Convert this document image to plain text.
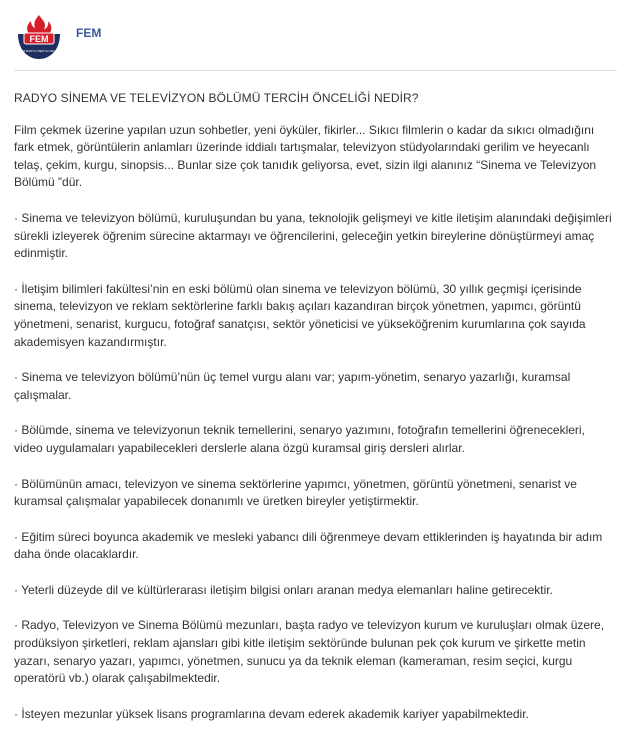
FEM
FM RADYO MEDYA GRUP
FEM
RADYO SİNEMA VE TELEVİZYON BÖLÜMÜ TERCİH ÖNCELİĞİ NEDİR?

Film çekmek üzerine yapılan uzun sohbetler, yeni öyküler, fikirler... Sıkıcı filmlerin o kadar da sıkıcı olmadığını fark etmek, görüntülerin anlamları üzerinde iddialı tartışmalar, televizyon stüdyolarındaki gerilim ve heyecanlı telaş, çekim, kurgu, sinopsis... Bunlar size çok tanıdık geliyorsa, evet, sizin ilgi alanınız “Sinema ve Televizyon Bölümü ”dür.

· Sinema ve televizyon bölümü, kuruluşundan bu yana, teknolojik gelişmeyi ve kitle iletişim alanındaki değişimleri sürekli izleyerek öğrenim sürecine aktarmayı ve öğrencilerini, geleceğin yetkin bireylerine dönüştürmeyi amaç edinmiştir.

· İletişim bilimleri fakültesi’nin en eski bölümü olan sinema ve televizyon bölümü, 30 yıllık geçmişi içerisinde sinema, televizyon ve reklam sektörlerine farklı bakış açıları kazandıran birçok yönetmen, yapımcı, görüntü yönetmeni, senarist, kurgucu, fotoğraf sanatçısı, sektör yöneticisi ve yükseköğrenim kurumlarına çok sayıda akademisyen kazandırmıştır.

· Sinema ve televizyon bölümü’nün üç temel vurgu alanı var; yapım-yönetim, senaryo yazarlığı, kuramsal çalışmalar.

· Bölümde, sinema ve televizyonun teknik temellerini, senaryo yazımını, fotoğrafın temellerini öğrenecekleri, video uygulamaları yapabilecekleri derslerle alana özgü kuramsal giriş dersleri alırlar.

· Bölümünün amacı, televizyon ve sinema sektörlerine yapımcı, yönetmen, görüntü yönetmeni, senarist ve kuramsal çalışmalar yapabilecek donanımlı ve üretken bireyler yetiştirmektir.

· Eğitim süreci boyunca akademik ve mesleki yabancı dili öğrenmeye devam ettiklerinden iş hayatında bir adım daha önde olacaklardır.

· Yeterli düzeyde dil ve kültürlerarası iletişim bilgisi onları aranan medya elemanları haline getirecektir.

· Radyo, Televizyon ve Sinema Bölümü mezunları, başta radyo ve televizyon kurum ve kuruluşları olmak üzere, prodüksiyon şirketleri, reklam ajansları gibi kitle iletişim sektöründe bulunan pek çok kurum ve şirkette metin yazarı, senaryo yazarı, yapımcı, yönetmen, sunucu ya da teknik eleman (kameraman, resim seçici, kurgu operatörü vb.) olarak çalışabilmektedir.

· İsteyen mezunlar yüksek lisans programlarına devam ederek akademik kariyer yapabilmektedir.
